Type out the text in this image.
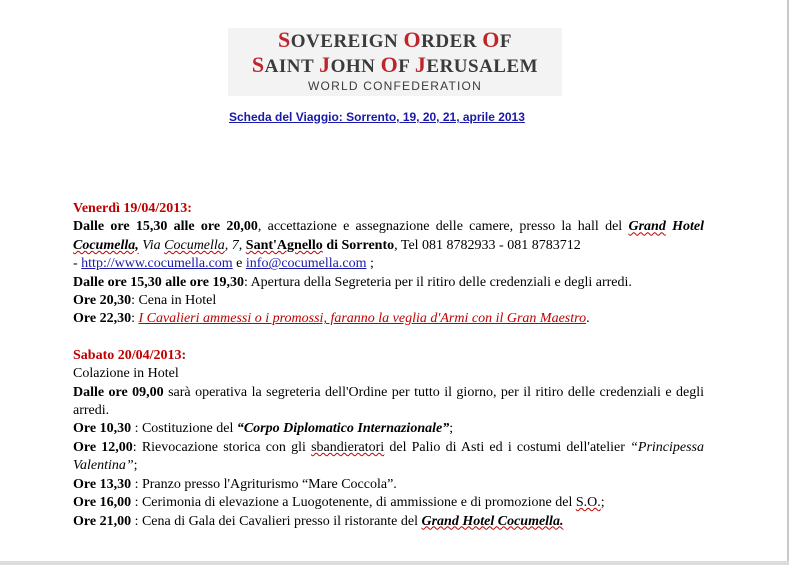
SOVEREIGN ORDER OF
SAINT JOHN OF JERUSALEM
WORLD CONFEDERATION
Scheda del Viaggio: Sorrento, 19, 20, 21, aprile 2013

Venerdì 19/04/2013:

Dalle ore 15,30 alle ore 20,00, accettazione e assegnazione delle camere, presso la hall del Grand Hotel Cocumella, Via Cocumella, 7, Sant'Agnello di Sorrento, Tel 081 8782933 - 081 8783712
- http://www.cocumella.com e info@cocumella.com ;

Dalle ore 15,30 alle ore 19,30: Apertura della Segreteria per il ritiro delle credenziali e degli arredi.

Ore 20,30: Cena in Hotel

Ore 22,30: I Cavalieri ammessi o i promossi, faranno la veglia d'Armi con il Gran Maestro.

Sabato 20/04/2013:

Colazione in Hotel

Dalle ore 09,00 sarà operativa la segreteria dell'Ordine per tutto il giorno, per il ritiro delle credenziali e degli arredi.

Ore 10,30 : Costituzione del “Corpo Diplomatico Internazionale”;

Ore 12,00: Rievocazione storica con gli sbandieratori del Palio di Asti ed i costumi dell'atelier “Principessa Valentina”;

Ore 13,30 : Pranzo presso l'Agriturismo “Mare Coccola”.

Ore 16,00 : Cerimonia di elevazione a Luogotenente, di ammissione e di promozione del S.O.;

Ore 21,00 : Cena di Gala dei Cavalieri presso il ristorante del Grand Hotel Cocumella.
